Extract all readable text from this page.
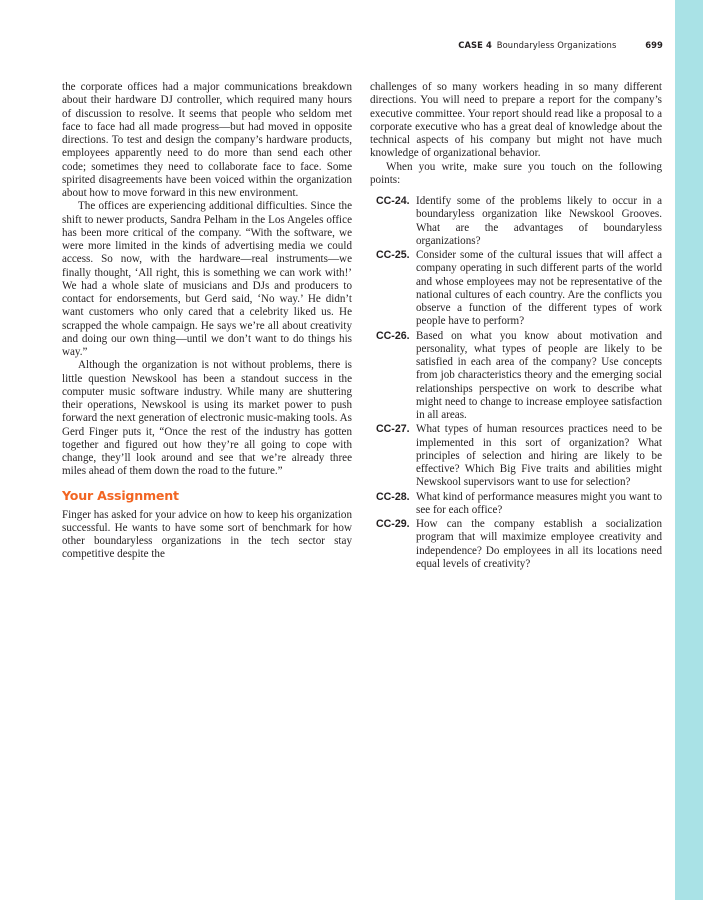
CASE 4 Boundaryless Organizations	699

the corporate offices had a major communications breakdown about their hardware DJ controller, which required many hours of discussion to resolve. It seems that people who seldom met face to face had all made progress—but had moved in opposite directions. To test and design the company’s hardware products, employees apparently need to do more than send each other code; sometimes they need to collaborate face to face. Some spirited disagreements have been voiced within the organization about how to move forward in this new environment.

The offices are experiencing additional difficulties. Since the shift to newer products, Sandra Pelham in the Los Angeles office has been more critical of the company. “With the software, we were more limited in the kinds of advertising media we could access. So now, with the hardware—real instruments—we finally thought, ‘All right, this is something we can work with!’ We had a whole slate of musicians and DJs and producers to contact for endorsements, but Gerd said, ‘No way.’ He didn’t want customers who only cared that a celebrity liked us. He scrapped the whole campaign. He says we’re all about creativity and doing our own thing—until we don’t want to do things his way.”

Although the organization is not without problems, there is little question Newskool has been a standout success in the computer music software industry. While many are shuttering their operations, Newskool is using its market power to push forward the next generation of electronic music-making tools. As Gerd Finger puts it, “Once the rest of the industry has gotten together and figured out how they’re all going to cope with change, they’ll look around and see that we’re already three miles ahead of them down the road to the future.”

Your Assignment

Finger has asked for your advice on how to keep his organization successful. He wants to have some sort of benchmark for how other boundaryless organizations in the tech sector stay competitive despite the

challenges of so many workers heading in so many different directions. You will need to prepare a report for the company’s executive committee. Your report should read like a proposal to a corporate executive who has a great deal of knowledge about the technical aspects of his company but might not have much knowledge of organizational behavior.

When you write, make sure you touch on the following points:

CC-24. Identify some of the problems likely to occur in a boundaryless organization like Newskool Grooves. What are the advantages of boundaryless organizations?
CC-25. Consider some of the cultural issues that will affect a company operating in such different parts of the world and whose employees may not be representative of the national cultures of each country. Are the conflicts you observe a function of the different types of work people have to perform?
CC-26. Based on what you know about motivation and personality, what types of people are likely to be satisfied in each area of the company? Use concepts from job characteristics theory and the emerging social relationships perspective on work to describe what might need to change to increase employee satisfaction in all areas.
CC-27. What types of human resources practices need to be implemented in this sort of organization? What principles of selection and hiring are likely to be effective? Which Big Five traits and abilities might Newskool supervisors want to use for selection?
CC-28. What kind of performance measures might you want to see for each office?
CC-29. How can the company establish a socialization program that will maximize employee creativity and independence? Do employees in all its locations need equal levels of creativity?
